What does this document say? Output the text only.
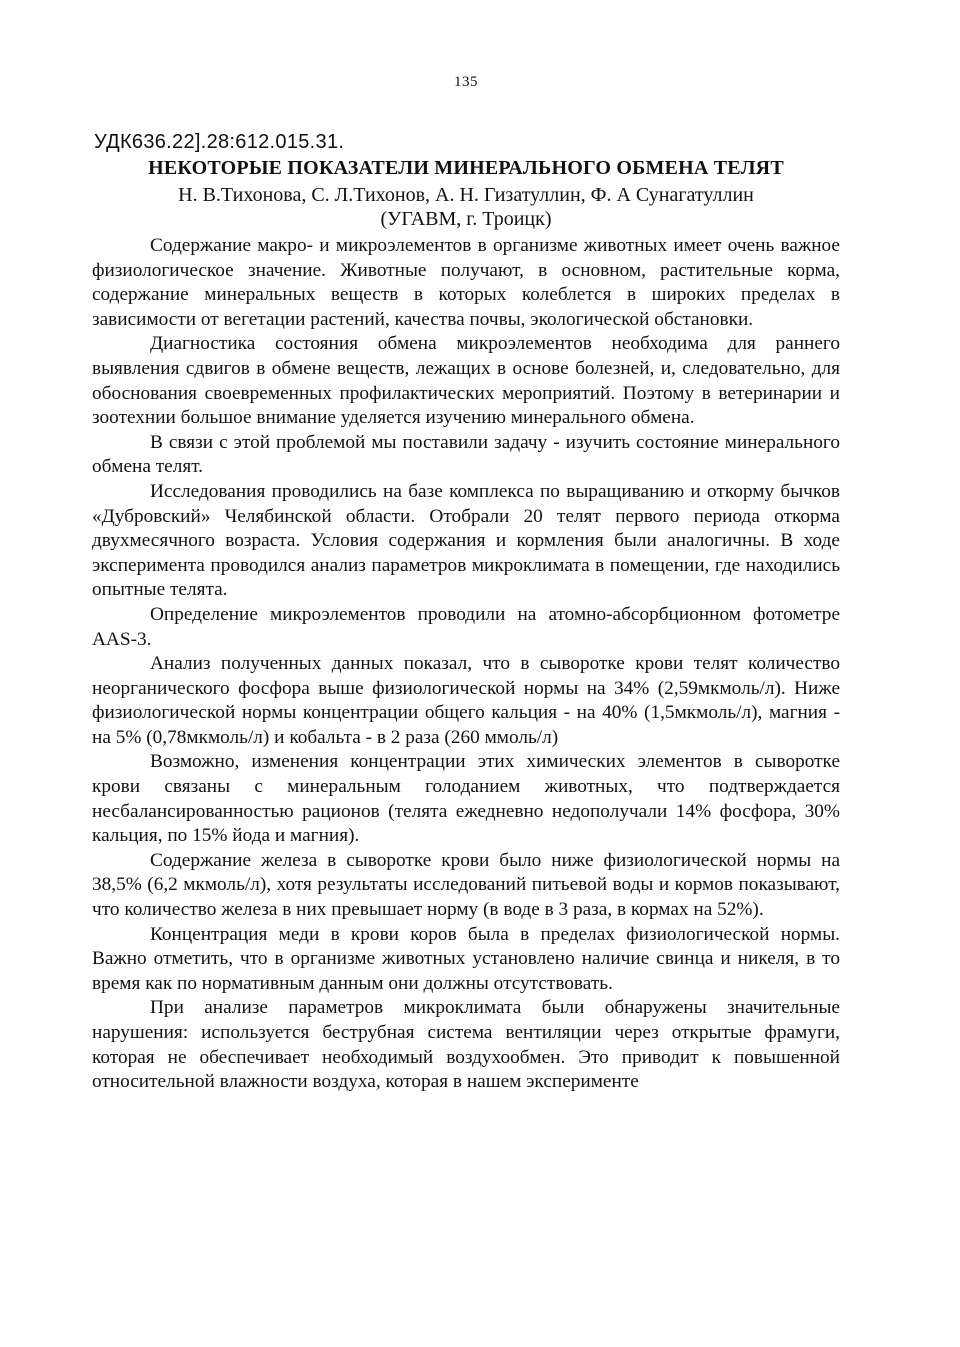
135
УДК636.22].28:612.015.31.
НЕКОТОРЫЕ ПОКАЗАТЕЛИ МИНЕРАЛЬНОГО ОБМЕНА ТЕЛЯТ
Н. В.Тихонова, С. Л.Тихонов, А. Н. Гизатуллин, Ф. А Сунагатуллин
(УГАВМ, г. Троицк)

Содержание макро- и микроэлементов в организме животных имеет очень важное физиологическое значение. Животные получают, в основном, растительные корма, содержание минеральных веществ в которых колеблется в широких пределах в зависимости от вегетации растений, качества почвы, экологической обстановки.

Диагностика состояния обмена микроэлементов необходима для раннего выявления сдвигов в обмене веществ, лежащих в основе болезней, и, следовательно, для обоснования своевременных профилактических мероприятий. Поэтому в ветеринарии и зоотехнии большое внимание уделяется изучению минерального обмена.

В связи с этой проблемой мы поставили задачу - изучить состояние минерального обмена телят.

Исследования проводились на базе комплекса по выращиванию и откорму бычков «Дубровский» Челябинской области. Отобрали 20 телят первого периода откорма двухмесячного возраста. Условия содержания и кормления были аналогичны. В ходе эксперимента проводился анализ параметров микроклимата в помещении, где находились опытные телята.

Определение микроэлементов проводили на атомно-абсорбционном фотометре AAS-3.

Анализ полученных данных показал, что в сыворотке крови телят количество неорганического фосфора выше физиологической нормы на 34% (2,59мкмоль/л). Ниже физиологической нормы концентрации общего кальция - на 40% (1,5мкмоль/л), магния - на 5% (0,78мкмоль/л) и кобальта - в 2 раза (260 ммоль/л)

Возможно, изменения концентрации этих химических элементов в сыворотке крови связаны с минеральным голоданием животных, что подтверждается несбалансированностью рационов (телята ежедневно недополучали 14% фосфора, 30% кальция, по 15% йода и магния).

Содержание железа в сыворотке крови было ниже физиологической нормы на 38,5% (6,2 мкмоль/л), хотя результаты исследований питьевой воды и кормов показывают, что количество железа в них превышает норму (в воде в 3 раза, в кормах на 52%).

Концентрация меди в крови коров была в пределах физиологической нормы. Важно отметить, что в организме животных установлено наличие свинца и никеля, в то время как по нормативным данным они должны отсутствовать.

При анализе параметров микроклимата были обнаружены значительные нарушения: используется беструбная система вентиляции через открытые фрамуги, которая не обеспечивает необходимый воздухообмен. Это приводит к повышенной относительной влажности воздуха, которая в нашем эксперименте
